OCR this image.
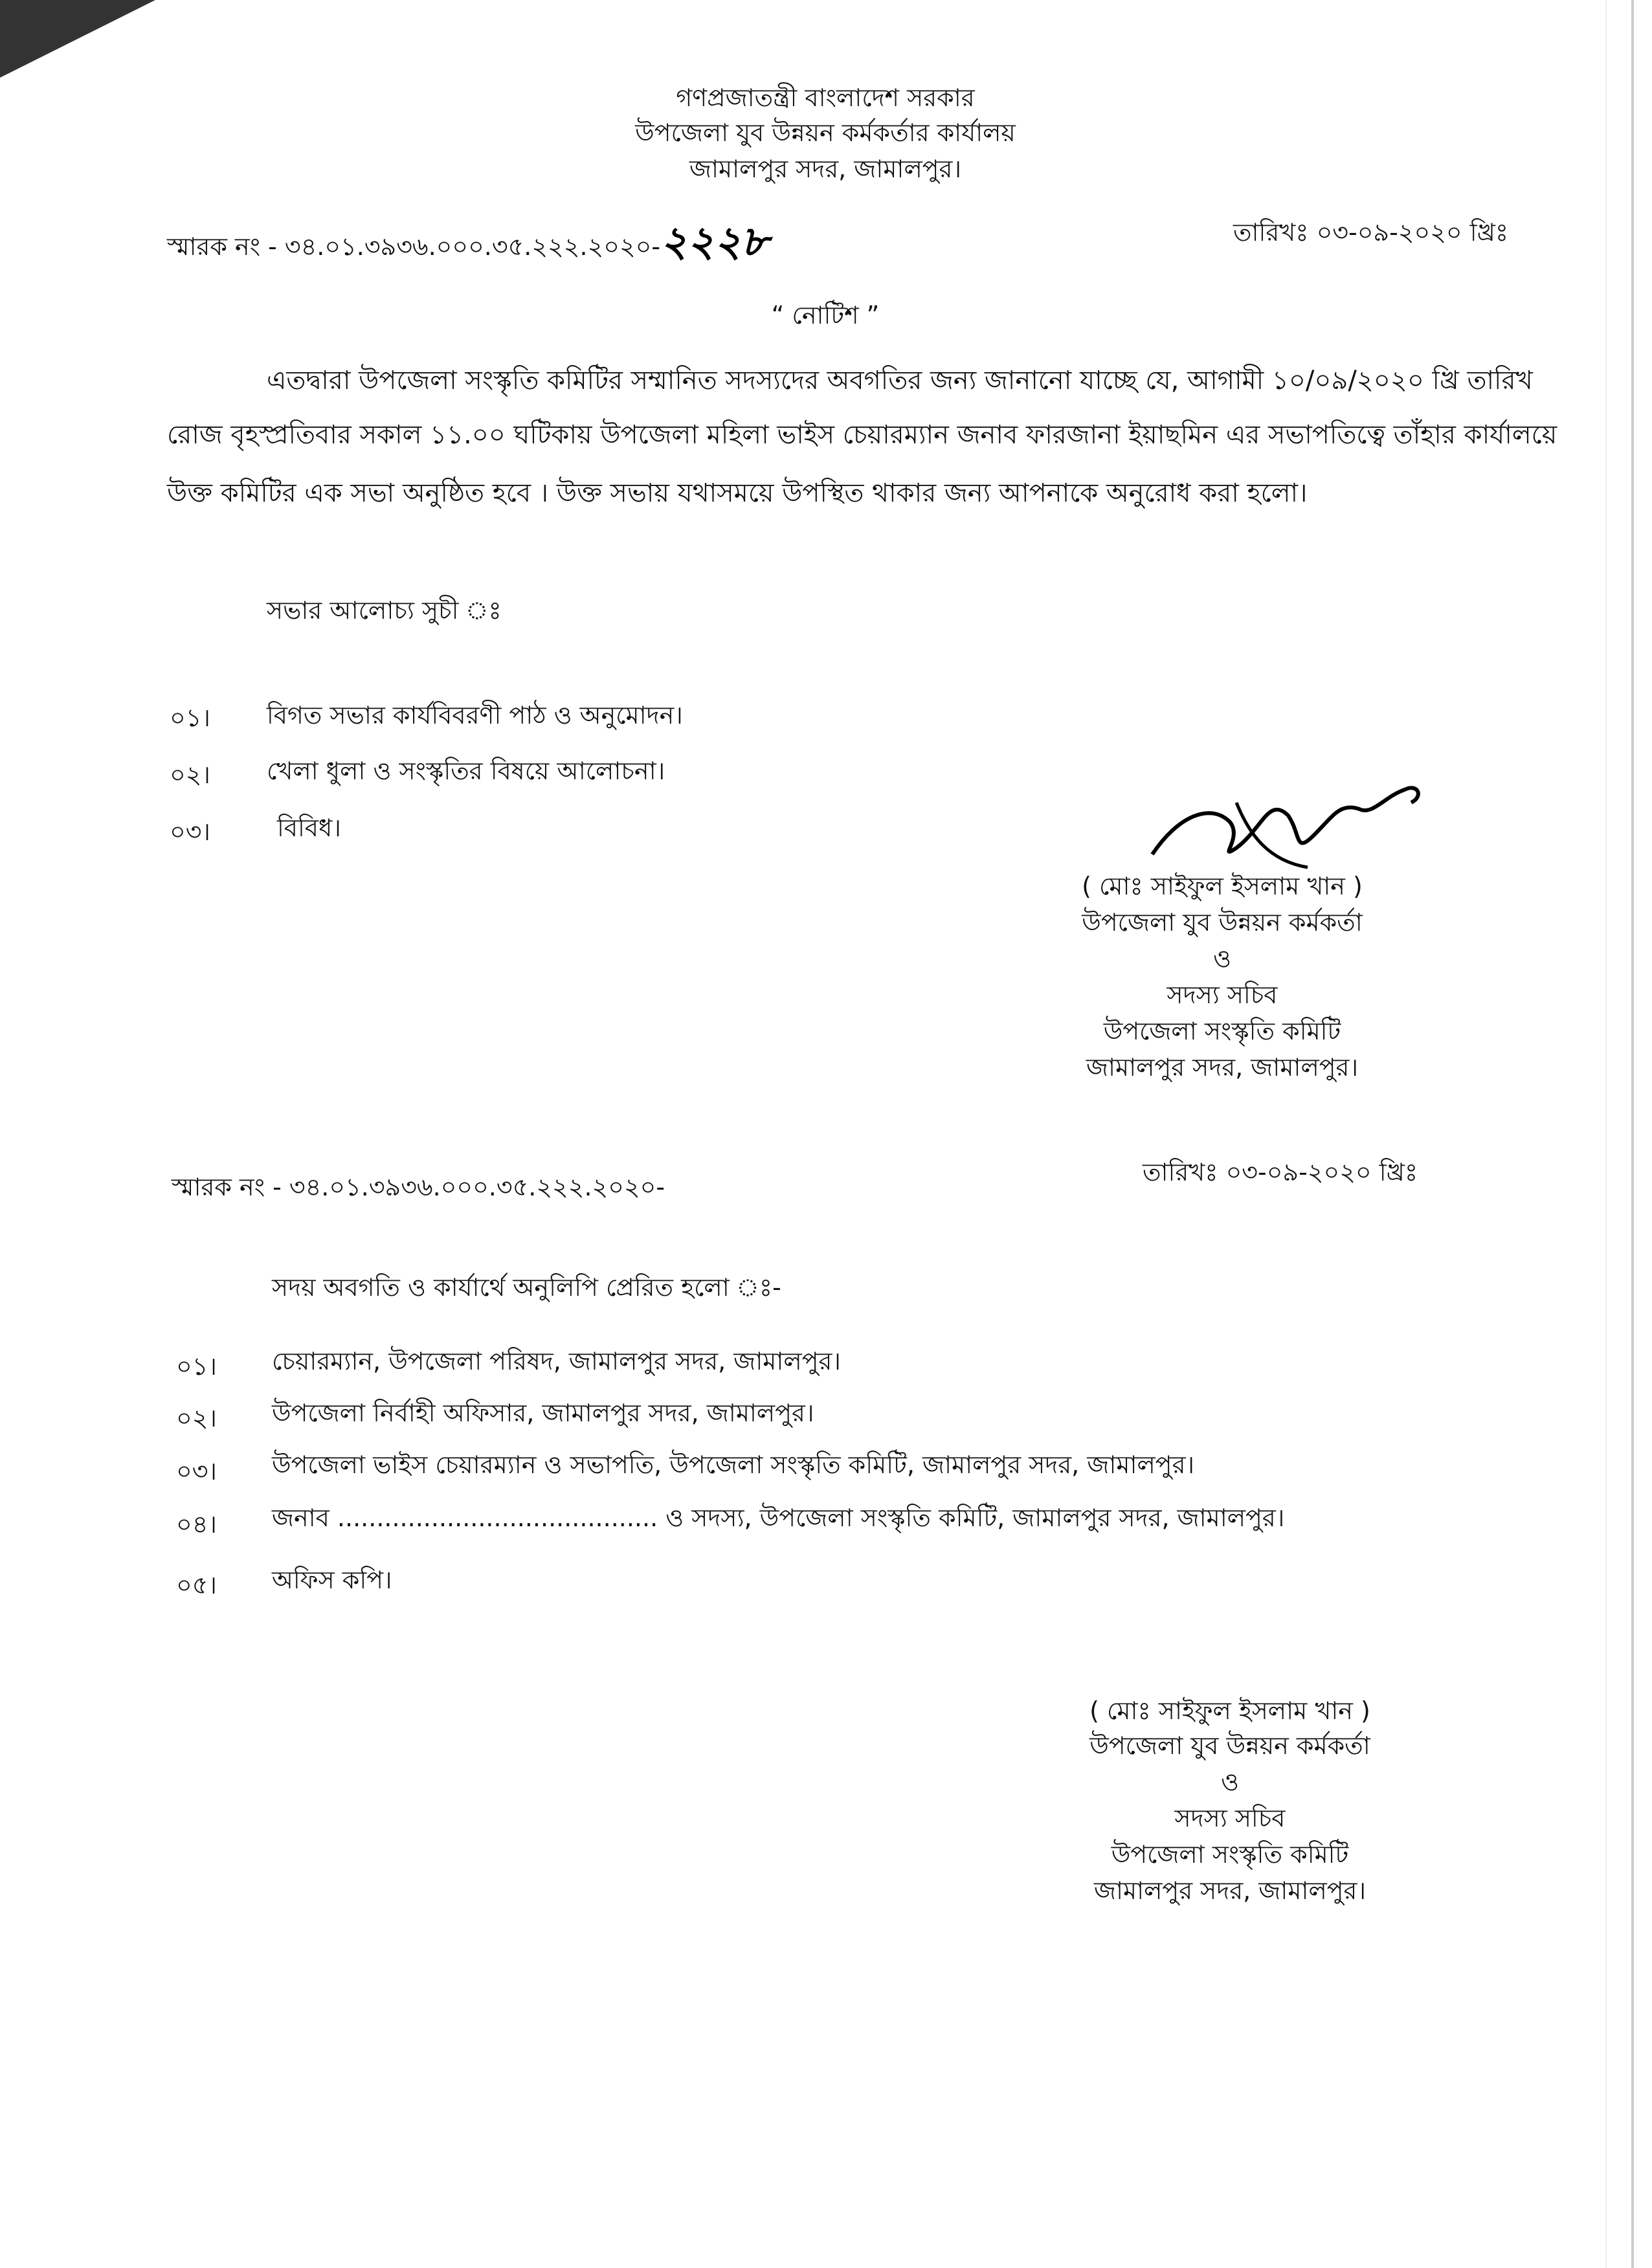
গণপ্রজাতন্ত্রী বাংলাদেশ সরকার
উপজেলা যুব উন্নয়ন কর্মকর্তার কার্যালয়
জামালপুর সদর, জামালপুর।
স্মারক নং - ৩৪.০১.৩৯৩৬.০০০.৩৫.২২২.২০২০- ২২২৮	তারিখঃ ০৩-০৯-২০২০ খ্রিঃ
“ নোটিশ ”
এতদ্বারা উপজেলা সংস্কৃতি কমিটির সম্মানিত সদস্যদের অবগতির জন্য জানানো যাচ্ছে যে, আগামী ১০/০৯/২০২০ খ্রি তারিখ
রোজ বৃহস্প্রতিবার সকাল ১১.০০ ঘটিকায় উপজেলা মহিলা ভাইস চেয়ারম্যান জনাব ফারজানা ইয়াছমিন এর সভাপতিত্বে তাঁহার কার্যালয়ে
উক্ত কমিটির এক সভা অনুষ্ঠিত হবে । উক্ত সভায় যথাসময়ে উপস্থিত থাকার জন্য আপনাকে অনুরোধ করা হলো।
সভার আলোচ্য সুচী ঃ
০১। বিগত সভার কার্যবিবরণী পাঠ ও অনুমোদন।
০২। খেলা ধুলা ও সংস্কৃতির বিষয়ে আলোচনা।
০৩।	বিবিধ।
( মোঃ সাইফুল ইসলাম খান )
উপজেলা যুব উন্নয়ন কর্মকর্তা
ও
সদস্য সচিব
উপজেলা সংস্কৃতি কমিটি
জামালপুর সদর, জামালপুর।
স্মারক নং - ৩৪.০১.৩৯৩৬.০০০.৩৫.২২২.২০২০-
তারিখঃ ০৩-০৯-২০২০ খ্রিঃ
সদয় অবগতি ও কার্যার্থে অনুলিপি প্রেরিত হলো ঃ-
০১। চেয়ারম্যান, উপজেলা পরিষদ, জামালপুর সদর, জামালপুর।
০২। উপজেলা নির্বাহী অফিসার, জামালপুর সদর, জামালপুর।
০৩। উপজেলা ভাইস চেয়ারম্যান ও সভাপতি, উপজেলা সংস্কৃতি কমিটি, জামালপুর সদর, জামালপুর।
০৪। জনাব ......................................... ও সদস্য, উপজেলা সংস্কৃতি কমিটি, জামালপুর সদর, জামালপুর।
০৫। অফিস কপি।
( মোঃ সাইফুল ইসলাম খান )
উপজেলা যুব উন্নয়ন কর্মকর্তা
ও
সদস্য সচিব
উপজেলা সংস্কৃতি কমিটি
জামালপুর সদর, জামালপুর।
